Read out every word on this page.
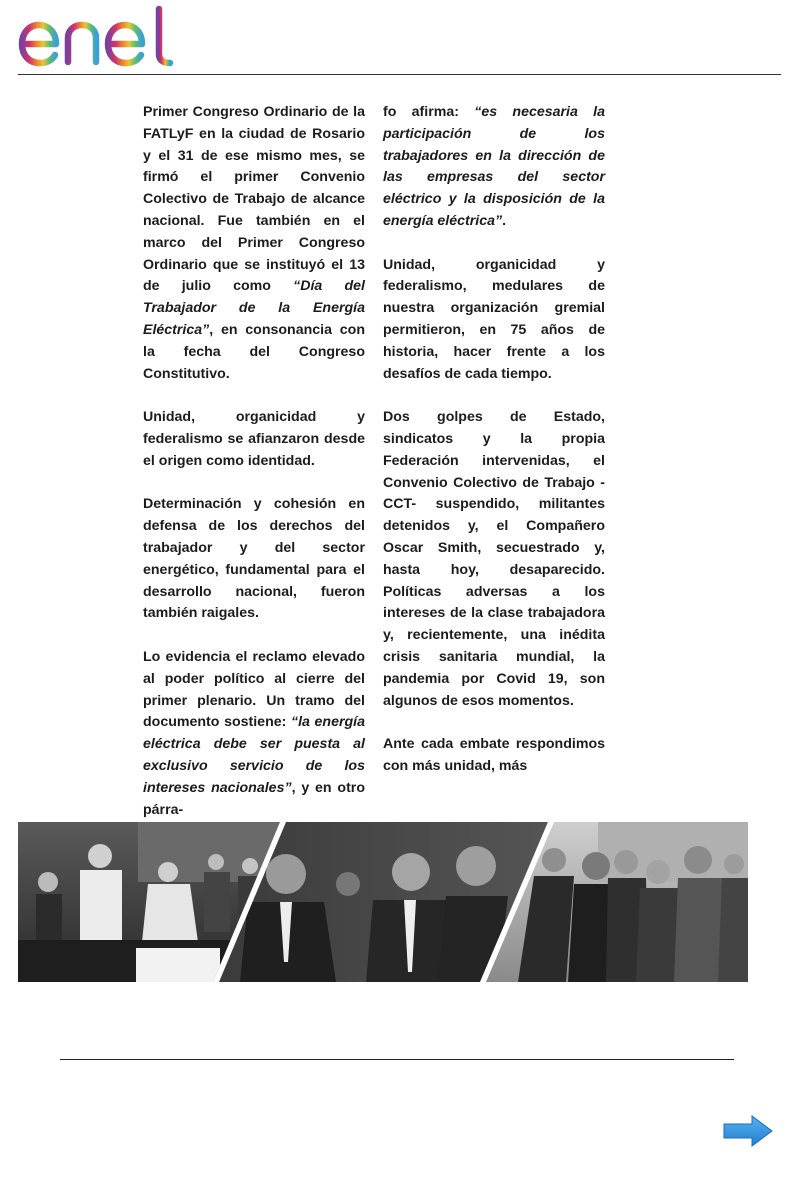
Primer Congreso Ordinario de la FATLyF en la ciudad de Rosario y el 31 de ese mismo mes, se firmó el primer Convenio Colectivo de Trabajo de alcance nacional. Fue también en el marco del Primer Congreso Ordinario que se instituyó el 13 de julio como “Día del Trabajador de la Energía Eléctrica”, en consonancia con la fecha del Congreso Constitutivo.

Unidad, organicidad y federalismo se afianzaron desde el origen como identidad.

Determinación y cohesión en defensa de los derechos del trabajador y del sector energético, fundamental para el desarrollo nacional, fueron también raigales.

Lo evidencia el reclamo elevado al poder político al cierre del primer plenario. Un tramo del documento sostiene: “la energía eléctrica debe ser puesta al exclusivo servicio de los intereses nacionales”, y en otro párra-

fo afirma: “es necesaria la participación de los trabajadores en la dirección de las empresas del sector eléctrico y la disposición de la energía eléctrica”.

Unidad, organicidad y federalismo, medulares de nuestra organización gremial permitieron, en 75 años de historia, hacer frente a los desafíos de cada tiempo.

Dos golpes de Estado, sindicatos y la propia Federación intervenidas, el Convenio Colectivo de Trabajo -CCT- suspendido, militantes detenidos y, el Compañero Oscar Smith, secuestrado y, hasta hoy, desaparecido. Políticas adversas a los intereses de la clase trabajadora y, recientemente, una inédita crisis sanitaria mundial, la pandemia por Covid 19, son algunos de esos momentos.

Ante cada embate respondimos con más unidad, más
